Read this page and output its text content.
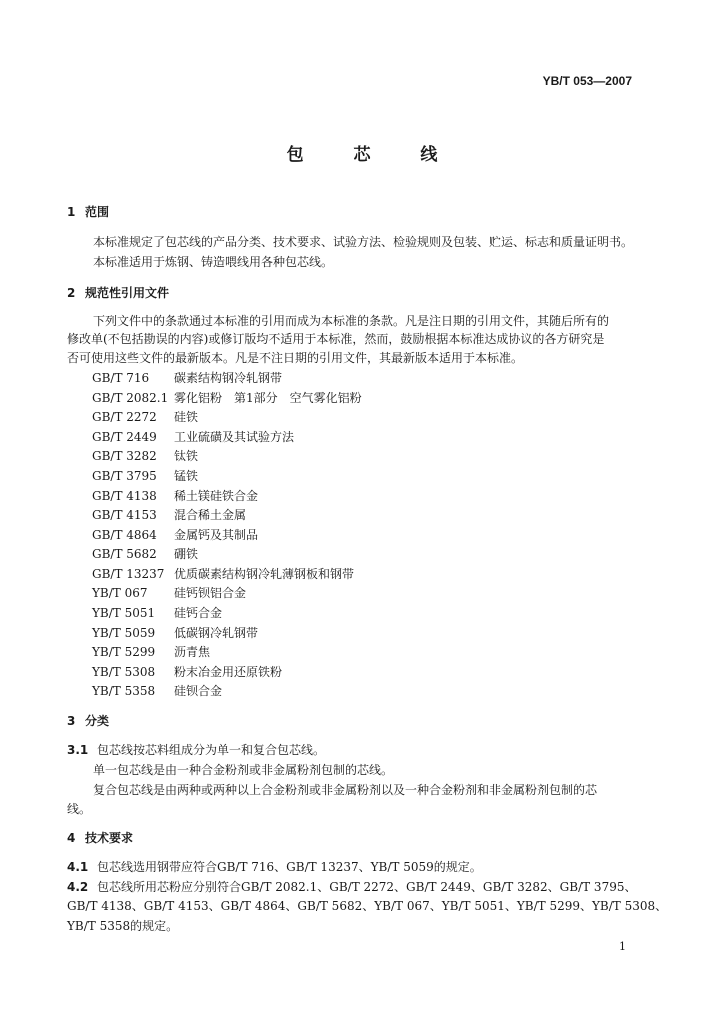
YB/T 053—2007
包 芯 线
1 范围
本标准规定了包芯线的产品分类、技术要求、试验方法、检验规则及包装、贮运、标志和质量证明书。
本标准适用于炼钢、铸造喂线用各种包芯线。
2 规范性引用文件
下列文件中的条款通过本标准的引用而成为本标准的条款。凡是注日期的引用文件，其随后所有的
修改单(不包括勘误的内容)或修订版均不适用于本标准，然而，鼓励根据本标准达成协议的各方研究是
否可使用这些文件的最新版本。凡是不注日期的引用文件，其最新版本适用于本标准。
GB/T 716 碳素结构钢冷轧钢带
GB/T 2082.1 雾化铝粉　第1部分　空气雾化铝粉
GB/T 2272 硅铁
GB/T 2449 工业硫磺及其试验方法
GB/T 3282 钛铁
GB/T 3795 锰铁
GB/T 4138 稀土镁硅铁合金
GB/T 4153 混合稀土金属
GB/T 4864 金属钙及其制品
GB/T 5682 硼铁
GB/T 13237 优质碳素结构钢冷轧薄钢板和钢带
YB/T 067 硅钙钡铝合金
YB/T 5051 硅钙合金
YB/T 5059 低碳钢冷轧钢带
YB/T 5299 沥青焦
YB/T 5308 粉末冶金用还原铁粉
YB/T 5358 硅钡合金
3 分类
3.1 包芯线按芯料组成分为单一和复合包芯线。
单一包芯线是由一种合金粉剂或非金属粉剂包制的芯线。
复合包芯线是由两种或两种以上合金粉剂或非金属粉剂以及一种合金粉剂和非金属粉剂包制的芯
线。
4 技术要求
4.1 包芯线选用钢带应符合GB/T 716、GB/T 13237、YB/T 5059的规定。
4.2 包芯线所用芯粉应分别符合GB/T 2082.1、GB/T 2272、GB/T 2449、GB/T 3282、GB/T 3795、
GB/T 4138、GB/T 4153、GB/T 4864、GB/T 5682、YB/T 067、YB/T 5051、YB/T 5299、YB/T 5308、
YB/T 5358的规定。
1
